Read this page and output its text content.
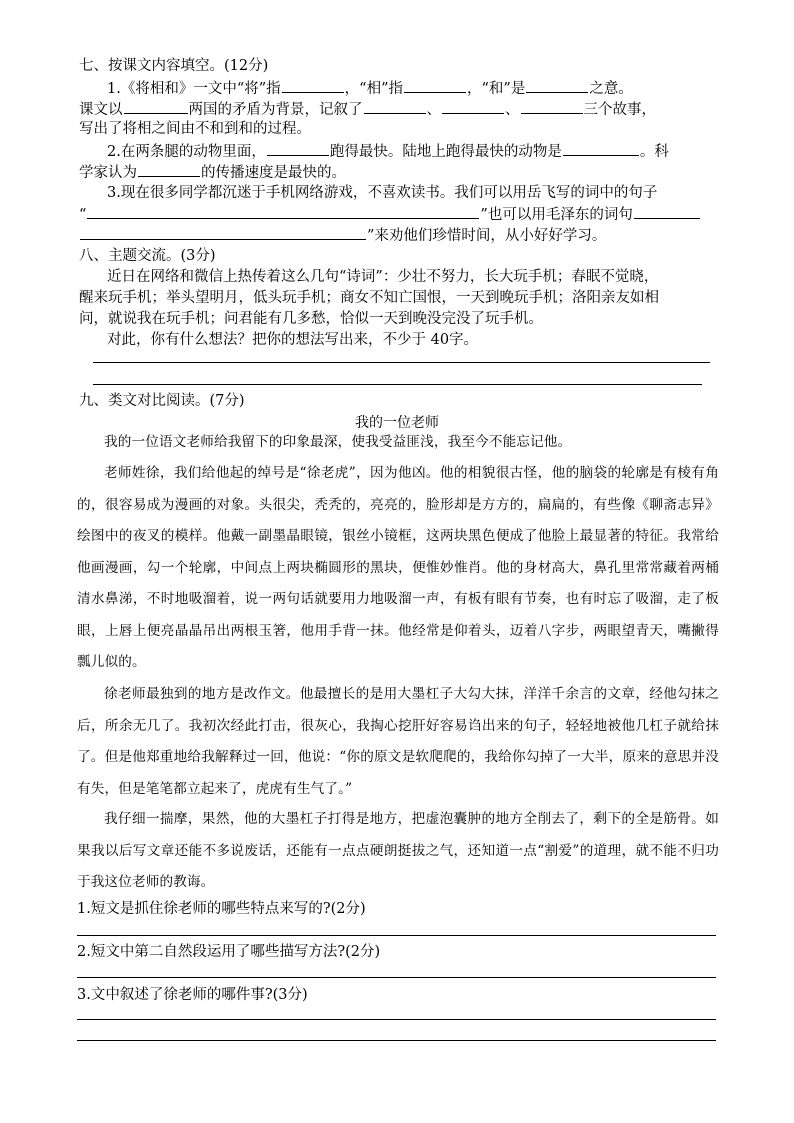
七、按课文内容填空。(12分)
1.《将相和》一文中“将”指	，“相”指	，“和”是	之意。
课文以	两国的矛盾为背景，记叙了	、	、	三个故事，
写出了将相之间由不和到和的过程。
2.在两条腿的动物里面，	跑得最快。陆地上跑得最快的动物是	。科
学家认为	的传播速度是最快的。
3.现在很多同学都沉迷于手机网络游戏，不喜欢读书。我们可以用岳飞写的词中的句子
“	”也可以用毛泽东的词句
”来劝他们珍惜时间，从小好好学习。
八、主题交流。(3分)
近日在网络和微信上热传着这么几句“诗词”：少壮不努力，长大玩手机；春眠不觉晓，
醒来玩手机；举头望明月，低头玩手机；商女不知亡国恨，一天到晚玩手机；洛阳亲友如相
问，就说我在玩手机；问君能有几多愁，恰似一天到晚没完没了玩手机。
对此，你有什么想法？把你的想法写出来，不少于 40字。
九、类文对比阅读。(7分)
我的一位老师
我的一位语文老师给我留下的印象最深，使我受益匪浅，我至今不能忘记他。
老师姓徐，我们给他起的绰号是“徐老虎”，因为他凶。他的相貌很古怪，他的脑袋的轮廓是有棱有角的，很容易成为漫画的对象。头很尖，秃秃的，亮亮的，脸形却是方方的，扁扁的，有些像《聊斋志异》绘图中的夜叉的模样。他戴一副墨晶眼镜，银丝小镜框，这两块黑色便成了他脸上最显著的特征。我常给他画漫画，勾一个轮廓，中间点上两块椭圆形的黑块，便惟妙惟肖。他的身材高大，鼻孔里常常藏着两桶清水鼻涕，不时地吸溜着，说一两句话就要用力地吸溜一声，有板有眼有节奏，也有时忘了吸溜，走了板眼，上唇上便亮晶晶吊出两根玉箸，他用手背一抹。他经常是仰着头，迈着八字步，两眼望青天，嘴撇得瓢儿似的。
徐老师最独到的地方是改作文。他最擅长的是用大墨杠子大勾大抹，洋洋千余言的文章，经他勾抹之后，所余无几了。我初次经此打击，很灰心，我掏心挖肝好容易诌出来的句子，轻轻地被他几杠子就给抹了。但是他郑重地给我解释过一回，他说：“你的原文是软爬爬的，我给你勾掉了一大半，原来的意思并没有失，但是笔笔都立起来了，虎虎有生气了。”
我仔细一揣摩，果然，他的大墨杠子打得是地方，把虚泡囊肿的地方全削去了，剩下的全是筋骨。如果我以后写文章还能不多说废话，还能有一点点硬朗挺拔之气，还知道一点“割爱”的道理，就不能不归功于我这位老师的教诲。
1.短文是抓住徐老师的哪些特点来写的?(2分)
2.短文中第二自然段运用了哪些描写方法?(2分)
3.文中叙述了徐老师的哪件事?(3分)
